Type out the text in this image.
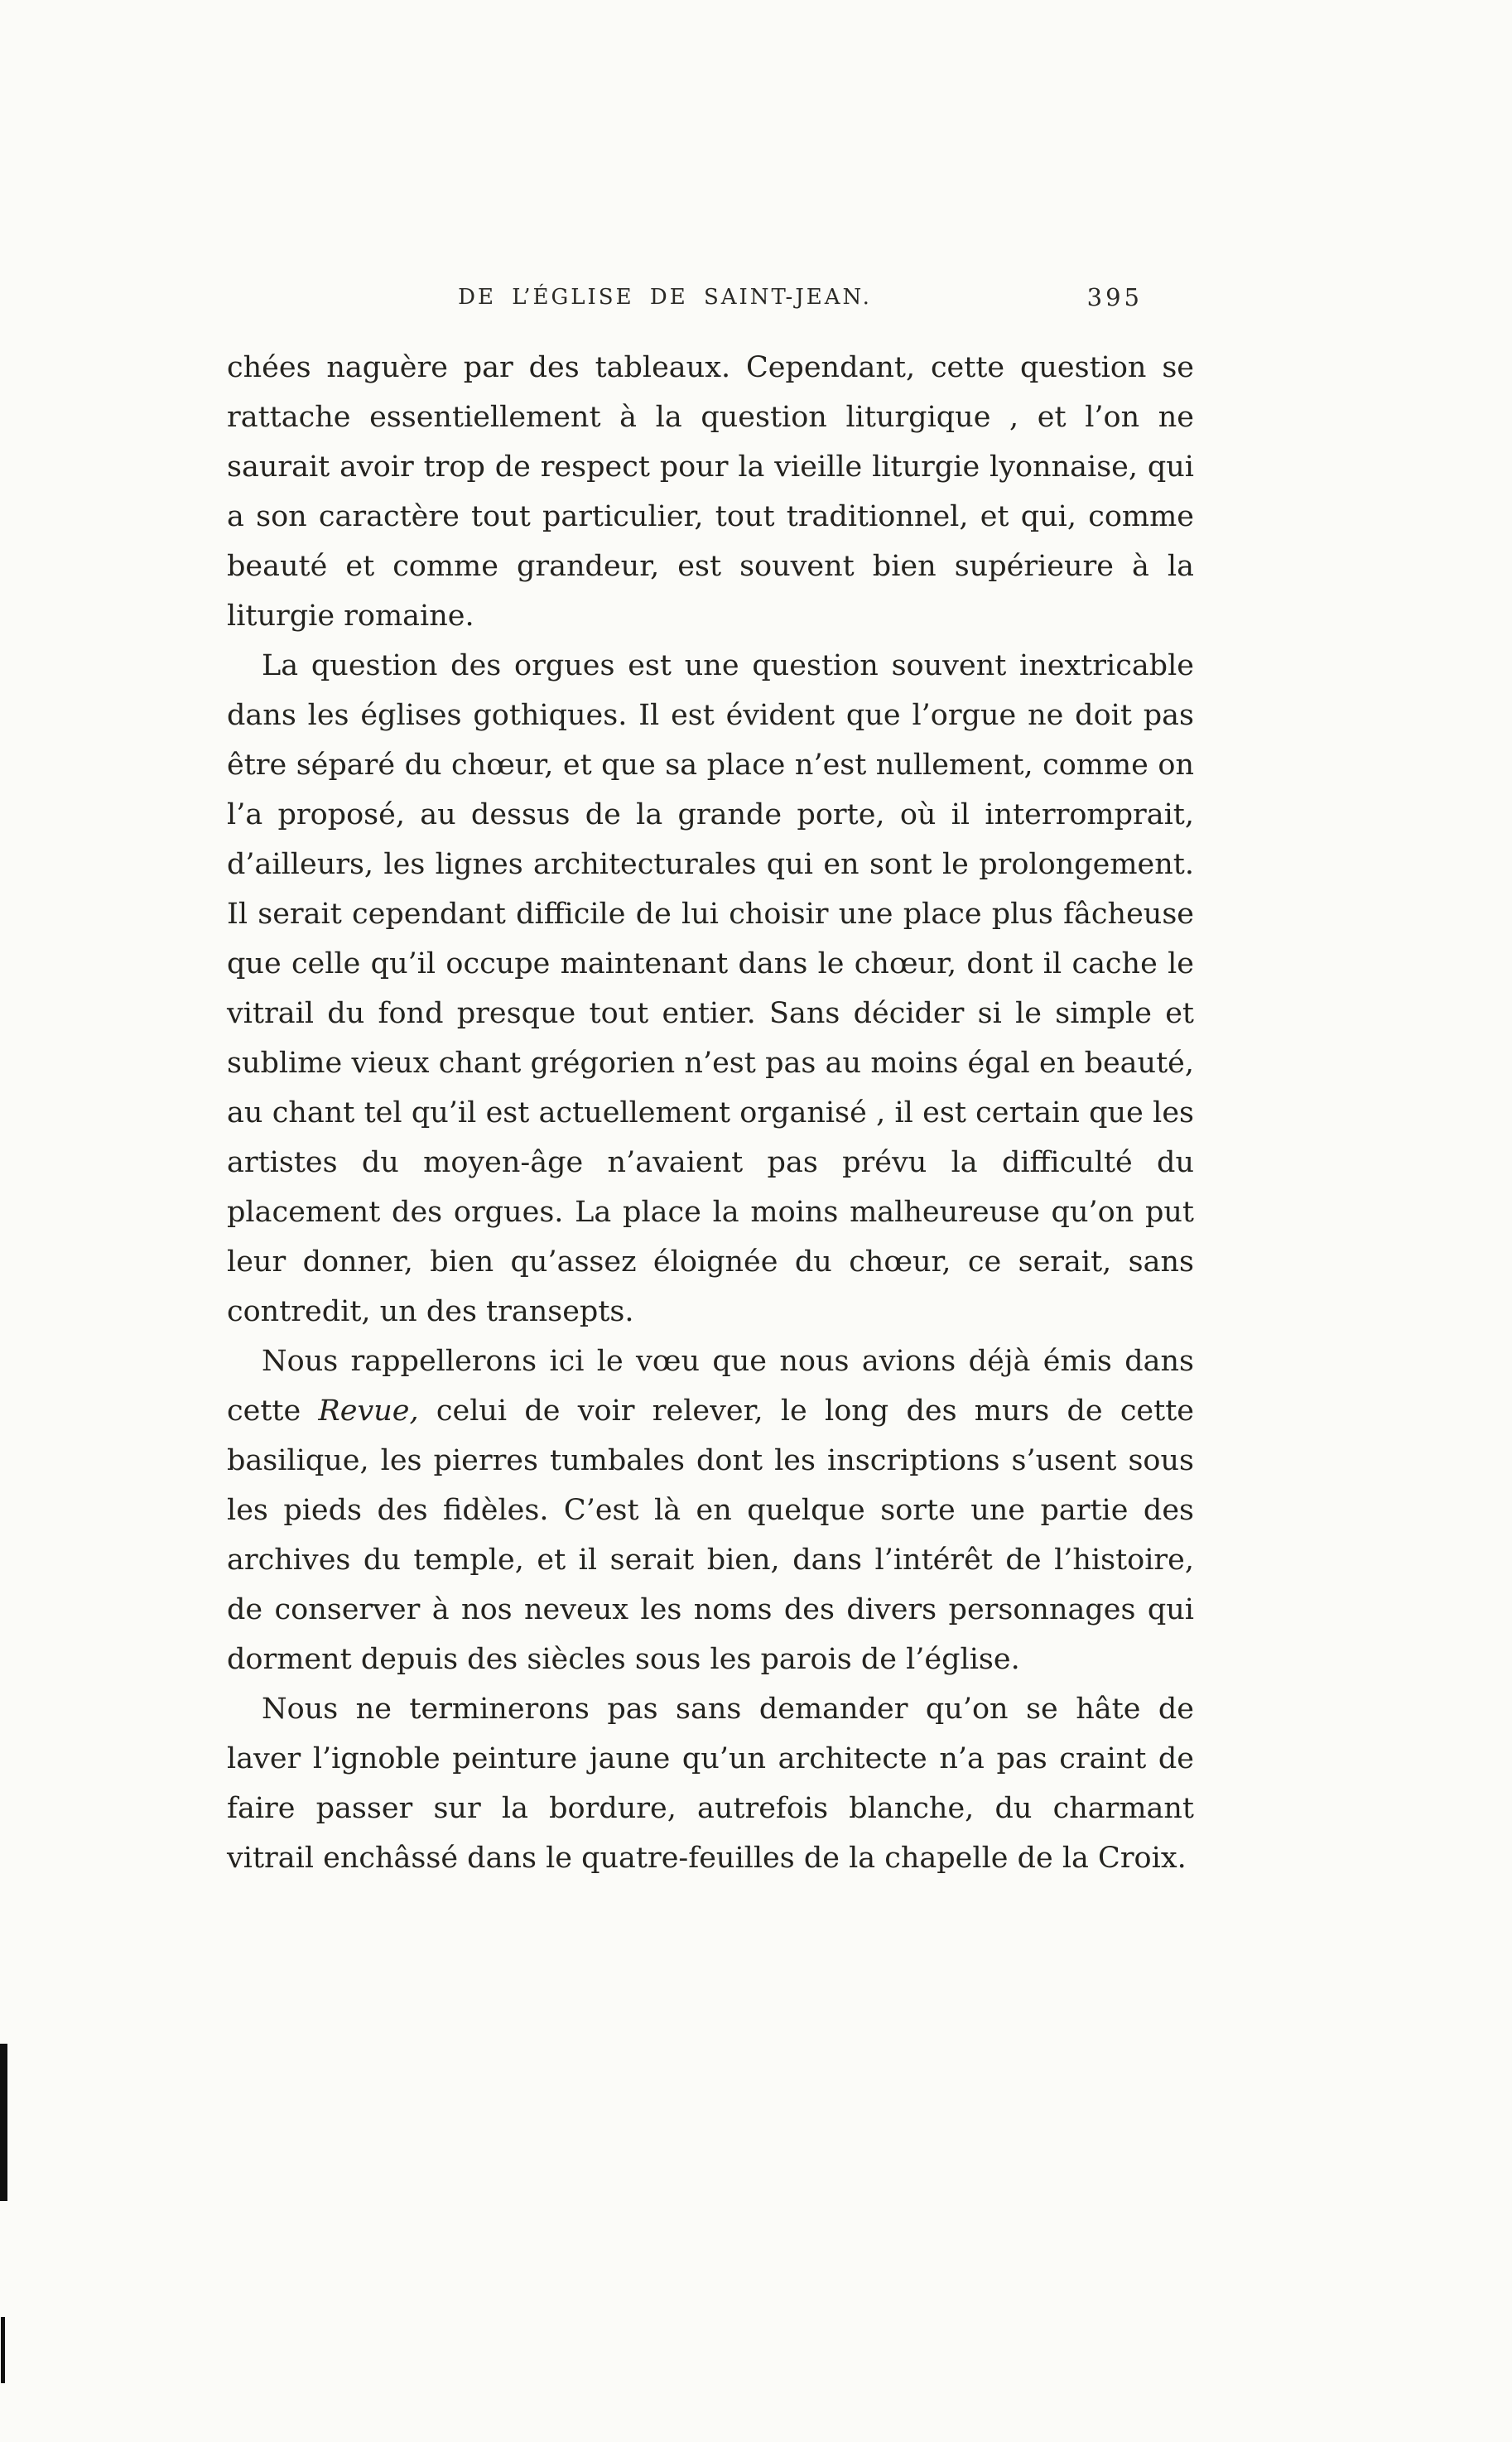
DE L’ÉGLISE DE SAINT-JEAN.	395

chées naguère par des tableaux. Cependant, cette question se rattache essentiellement à la question liturgique , et l’on ne saurait avoir trop de respect pour la vieille liturgie lyonnaise, qui a son caractère tout particulier, tout traditionnel, et qui, comme beauté et comme grandeur, est souvent bien supérieure à la liturgie romaine.

La question des orgues est une question souvent inextricable dans les églises gothiques. Il est évident que l’orgue ne doit pas être séparé du chœur, et que sa place n’est nullement, comme on l’a proposé, au dessus de la grande porte, où il interromprait, d’ailleurs, les lignes architecturales qui en sont le prolongement. Il serait cependant difficile de lui choisir une place plus fâcheuse que celle qu’il occupe maintenant dans le chœur, dont il cache le vitrail du fond presque tout entier. Sans décider si le simple et sublime vieux chant grégorien n’est pas au moins égal en beauté, au chant tel qu’il est actuellement organisé , il est certain que les artistes du moyen-âge n’avaient pas prévu la difficulté du placement des orgues. La place la moins malheureuse qu’on put leur donner, bien qu’assez éloignée du chœur, ce serait, sans contredit, un des transepts.

Nous rappellerons ici le vœu que nous avions déjà émis dans cette Revue, celui de voir relever, le long des murs de cette basilique, les pierres tumbales dont les inscriptions s’usent sous les pieds des fidèles. C’est là en quelque sorte une partie des archives du temple, et il serait bien, dans l’intérêt de l’histoire, de conserver à nos neveux les noms des divers personnages qui dorment depuis des siècles sous les parois de l’église.

Nous ne terminerons pas sans demander qu’on se hâte de laver l’ignoble peinture jaune qu’un architecte n’a pas craint de faire passer sur la bordure, autrefois blanche, du charmant vitrail enchâssé dans le quatre-feuilles de la chapelle de la Croix.
